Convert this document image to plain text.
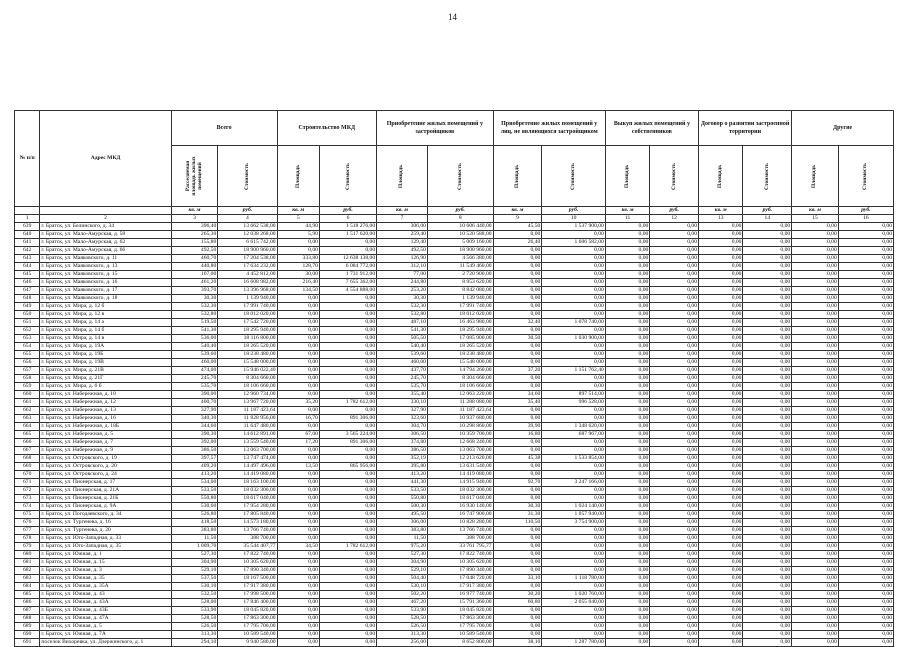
14
№ п/п	Адрес МКД	Всего		Строительство МКД		Приобретение жилых помещений у застройщиков		Приобретение жилых помещений у лиц, не являющихся застройщиком		Выкуп жилых помещений у собственников		Договор о развитии застроенной территории		Другие	
		Расселяемая площадь жилых помещений	Стоимость	Площадь	Стоимость	Площадь	Стоимость	Площадь	Стоимость	Площадь	Стоимость	Площадь	Стоимость	Площадь	Стоимость
		кв. м	руб.	кв. м	руб.	кв. м	руб.	кв. м	руб.	кв. м	руб.	кв. м	руб.	кв. м	руб.
1	2	3	4	5	6	7	8	9	10	11	12	13	14	15	16
639	г. Братск, ул. Белинского, д. 34	396,40	13 662 538,00	44,90	1 518 276,00	306,00	10 606 440,00	45,50	1 537 900,00	0,00	0,00	0,00	0,00	0,00	0,00
640	г. Братск, ул. Мало-Амурская, д. 58	265,30	12 038 268,00	5,90	1 517 620,00	259,40	10 520 588,00	0,00	0,00	0,00	0,00	0,00	0,00	0,00	0,00
641	г. Братск, ул. Мало-Амурская, д. 62	155,80	6 615 742,00	0,00	0,00	129,40	5 009 160,00	26,40	1 606 582,00	0,00	0,00	0,00	0,00	0,00	0,00
642	г. Братск, ул. Мало-Амурская, д. 66	492,50	18 900 960,00	0,00	0,00	492,50	18 900 960,00	0,00	0,00	0,00	0,00	0,00	0,00	0,00	0,00
643	г. Братск, ул. Маяковского, д. 11	460,70	17 204 538,00	333,80	12 638 138,00	126,90	4 566 380,00	0,00	0,00	0,00	0,00	0,00	0,00	0,00	0,00
644	г. Братск, ул. Маяковского, д. 13	440,80	17 634 232,00	128,70	6 084 772,00	312,10	11 549 460,00	0,00	0,00	0,00	0,00	0,00	0,00	0,00	0,00
645	г. Братск, ул. Маяковского, д. 15	107,00	4 452 812,00	30,00	1 731 912,00	77,00	2 720 900,00	0,00	0,00	0,00	0,00	0,00	0,00	0,00	0,00
646	г. Братск, ул. Маяковского, д. 16	461,20	16 608 982,00	216,40	7 655 362,00	244,80	8 953 620,00	0,00	0,00	0,00	0,00	0,00	0,00	0,00	0,00
647	г. Братск, ул. Маяковского, д. 17	393,70	13 396 968,00	134,50	4 554 888,00	253,20	8 842 080,00	0,00	0,00	0,00	0,00	0,00	0,00	0,00	0,00
648	г. Братск, ул. Маяковского, д. 18	30,30	1 139 940,00	0,00	0,00	30,30	1 139 940,00	0,00	0,00	0,00	0,00	0,00	0,00	0,00	0,00
649	г. Братск, ул. Мира, д. 12 б	532,30	17 991 740,00	0,00	0,00	532,30	17 991 740,00	0,00	0,00	0,00	0,00	0,00	0,00	0,00	0,00
650	г. Братск, ул. Мира, д. 12 в	532,80	18 012 020,00	0,00	0,00	532,80	18 012 020,00	0,00	0,00	0,00	0,00	0,00	0,00	0,00	0,00
651	г. Братск, ул. Мира, д. 14 а	519,50	17 542 720,00	0,00	0,00	487,10	16 463 980,00	32,40	1 078 740,00	0,00	0,00	0,00	0,00	0,00	0,00
652	г. Братск, ул. Мира, д. 14 б	541,30	18 295 940,00	0,00	0,00	541,30	18 295 940,00	0,00	0,00	0,00	0,00	0,00	0,00	0,00	0,00
653	г. Братск, ул. Мира, д. 14 в	536,00	18 116 800,00	0,00	0,00	505,50	17 085 900,00	30,50	1 030 900,00	0,00	0,00	0,00	0,00	0,00	0,00
654	г. Братск, ул. Мира, д. 19А	540,40	18 265 520,00	0,00	0,00	540,40	18 265 520,00	0,00	0,00	0,00	0,00	0,00	0,00	0,00	0,00
655	г. Братск, ул. Мира, д. 19Б	539,60	18 238 480,00	0,00	0,00	539,60	18 238 480,00	0,00	0,00	0,00	0,00	0,00	0,00	0,00	0,00
656	г. Братск, ул. Мира, д. 19В	460,00	15 548 000,00	0,00	0,00	460,00	15 548 000,00	0,00	0,00	0,00	0,00	0,00	0,00	0,00	0,00
657	г. Братск, ул. Мира, д. 21В	474,00	15 946 022,40	0,00	0,00	437,70	14 794 260,00	37,20	1 151 762,40	0,00	0,00	0,00	0,00	0,00	0,00
658	г. Братск, ул. Мира, д. 21Г	245,70	8 304 660,00	0,00	0,00	245,70	8 304 660,00	0,00	0,00	0,00	0,00	0,00	0,00	0,00	0,00
659	г. Братск, ул. Мира, д. 6 б	535,70	18 106 660,00	0,00	0,00	535,70	18 106 660,00	0,00	0,00	0,00	0,00	0,00	0,00	0,00	0,00
660	г. Братск, ул. Набережная, д. 10	390,00	12 960 734,00	0,00	0,00	355,40	12 063 220,00	34,60	897 514,00	0,00	0,00	0,00	0,00	0,00	0,00
661	г. Братск, ул. Набережная, д. 12	400,70	13 967 720,00	35,20	1 782 612,00	330,10	11 288 080,00	35,40	996 528,00	0,00	0,00	0,00	0,00	0,00	0,00
662	г. Братск, ул. Набережная, д. 13	327,90	11 187 423,64	0,00	0,00	327,90	11 187 423,64	0,00	0,00	0,00	0,00	0,00	0,00	0,00	0,00
663	г. Братск, ул. Набережная, д. 16	340,30	11 828 956,00	16,70	891 306,00	323,60	10 937 680,00	0,00	0,00	0,00	0,00	0,00	0,00	0,00	0,00
664	г. Братск, ул. Набережная, д. 18Б	344,60	11 647 480,00	0,00	0,00	304,70	10 298 860,00	39,90	1 348 620,00	0,00	0,00	0,00	0,00	0,00	0,00
665	г. Братск, ул. Набережная, д. 5	390,30	14 612 891,00	67,00	3 565 224,00	306,50	10 359 700,00	16,80	687 967,00	0,00	0,00	0,00	0,00	0,00	0,00
666	г. Братск, ул. Набережная, д. 7	392,00	13 559 540,00	17,20	891 306,00	374,80	12 668 240,00	0,00	0,00	0,00	0,00	0,00	0,00	0,00	0,00
667	г. Братск, ул. Набережная, д. 9	386,50	13 063 700,00	0,00	0,00	386,50	13 063 700,00	0,00	0,00	0,00	0,00	0,00	0,00	0,00	0,00
668	г. Братск, ул. Островского, д. 19	397,57	13 747 474,00	0,00	0,00	352,19	12 213 620,00	45,38	1 533 854,00	0,00	0,00	0,00	0,00	0,00	0,00
669	г. Братск, ул. Островского, д. 20	409,20	14 497 496,00	13,50	865 956,00	395,80	13 631 540,00	0,00	0,00	0,00	0,00	0,00	0,00	0,00	0,00
670	г. Братск, ул. Островского, д. 24	413,20	14 419 080,00	0,00	0,00	413,20	14 419 080,00	0,00	0,00	0,00	0,00	0,00	0,00	0,00	0,00
671	г. Братск, ул. Пионерская, д. 17	534,00	18 163 100,00	0,00	0,00	441,30	14 915 940,00	92,70	3 247 166,00	0,00	0,00	0,00	0,00	0,00	0,00
672	г. Братск, ул. Пионерская, д. 21А	533,50	18 032 300,00	0,00	0,00	533,50	18 032 300,00	0,00	0,00	0,00	0,00	0,00	0,00	0,00	0,00
673	г. Братск, ул. Пионерская, д. 21Б	550,80	18 617 040,00	0,00	0,00	550,80	18 617 040,00	0,00	0,00	0,00	0,00	0,00	0,00	0,00	0,00
674	г. Братск, ул. Пионерская, д. 9А	530,60	17 954 280,00	0,00	0,00	500,30	16 930 140,00	30,30	1 024 140,00	0,00	0,00	0,00	0,00	0,00	0,00
675	г. Братск, ул. Погодаевского, д. 34	526,80	17 805 840,00	0,00	0,00	495,50	16 747 900,00	31,30	1 057 940,00	0,00	0,00	0,00	0,00	0,00	0,00
676	г. Братск, ул. Тургенева, д. 16	418,50	14 573 180,00	0,00	0,00	306,00	10 828 280,00	110,50	3 754 900,00	0,00	0,00	0,00	0,00	0,00	0,00
677	г. Братск, ул. Тургенева, д. 20	383,80	13 766 740,00	0,00	0,00	383,80	13 766 740,00	0,00	0,00	0,00	0,00	0,00	0,00	0,00	0,00
678	г. Братск, ул. Юго-Западная, д. 33	11,50	388 700,00	0,00	0,00	11,50	388 700,00	0,00	0,00	0,00	0,00	0,00	0,00	0,00	0,00
679	г. Братск, ул. Юго-Западная, д. 35	1 009,70	35 544 407,77	34,50	1 782 612,00	975,20	33 761 795,77	0,00	0,00	0,00	0,00	0,00	0,00	0,00	0,00
680	г. Братск, ул. Южная, д. 1	527,30	17 822 740,00	0,00	0,00	527,30	17 822 740,00	0,00	0,00	0,00	0,00	0,00	0,00	0,00	0,00
681	г. Братск, ул. Южная, д. 15	304,90	10 305 620,00	0,00	0,00	304,90	10 305 620,00	0,00	0,00	0,00	0,00	0,00	0,00	0,00	0,00
682	г. Братск, ул. Южная, д. 3	529,10	17 890 340,00	0,00	0,00	529,10	17 890 340,00	0,00	0,00	0,00	0,00	0,00	0,00	0,00	0,00
683	г. Братск, ул. Южная, д. 35	537,50	18 167 500,00	0,00	0,00	504,40	17 048 720,00	33,10	1 118 780,00	0,00	0,00	0,00	0,00	0,00	0,00
684	г. Братск, ул. Южная, д. 35А	530,10	17 917 380,00	0,00	0,00	530,10	17 917 380,00	0,00	0,00	0,00	0,00	0,00	0,00	0,00	0,00
685	г. Братск, ул. Южная, д. 43	532,50	17 998 500,00	0,00	0,00	502,20	16 977 740,00	30,20	1 020 760,00	0,00	0,00	0,00	0,00	0,00	0,00
686	г. Братск, ул. Южная, д. 43А	528,00	17 846 400,00	0,00	0,00	467,20	15 791 360,00	60,80	2 055 040,00	0,00	0,00	0,00	0,00	0,00	0,00
687	г. Братск, ул. Южная, д. 43Б	533,90	18 045 820,00	0,00	0,00	533,90	18 045 820,00	0,00	0,00	0,00	0,00	0,00	0,00	0,00	0,00
688	г. Братск, ул. Южная, д. 47А	528,50	17 863 300,00	0,00	0,00	528,50	17 863 300,00	0,00	0,00	0,00	0,00	0,00	0,00	0,00	0,00
689	г. Братск, ул. Южная, д. 5	526,50	17 795 700,00	0,00	0,00	526,50	17 795 700,00	0,00	0,00	0,00	0,00	0,00	0,00	0,00	0,00
690	г. Братск, ул. Южная, д. 7А	313,30	10 589 540,00	0,00	0,00	313,30	10 589 540,00	0,00	0,00	0,00	0,00	0,00	0,00	0,00	0,00
691	поселок Вихоревка, ул. Дзержинского, д. 1	294,10	9 940 580,00	0,00	0,00	256,00	8 652 800,00	38,10	1 287 780,00	0,00	0,00	0,00	0,00	0,00	0,00
